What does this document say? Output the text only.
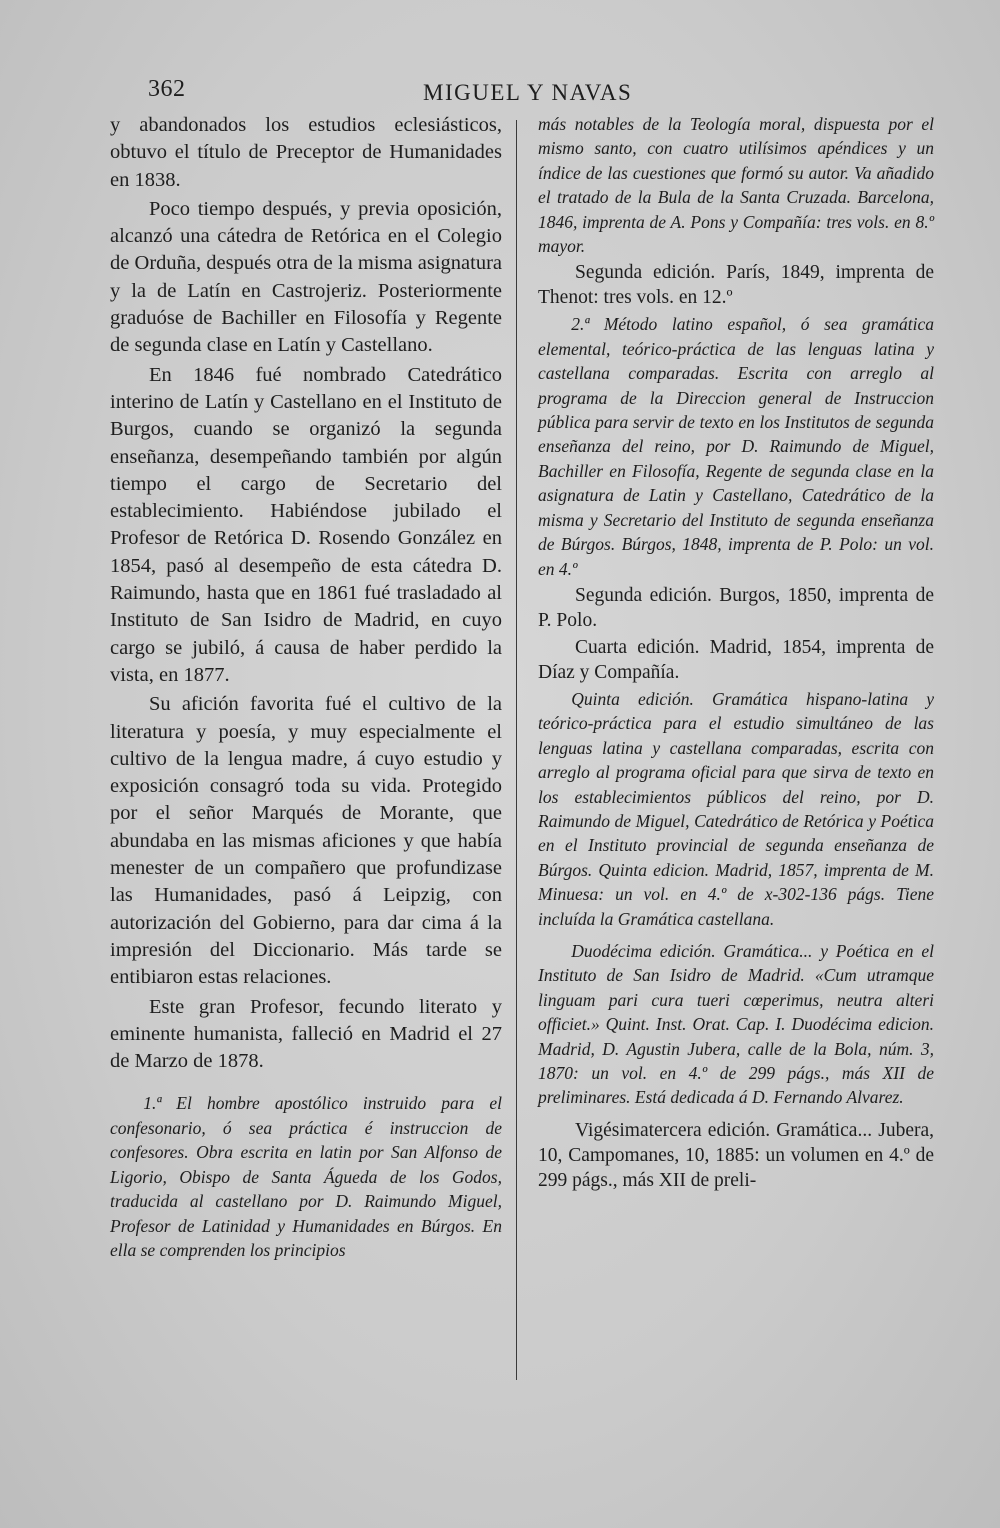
362	MIGUEL Y NAVAS

y abandonados los estudios eclesiásticos, obtuvo el título de Preceptor de Humanidades en 1838.

Poco tiempo después, y previa oposición, alcanzó una cátedra de Retórica en el Colegio de Orduña, después otra de la misma asignatura y la de Latín en Castrojeriz. Posteriormente graduóse de Bachiller en Filosofía y Regente de segunda clase en Latín y Castellano.

En 1846 fué nombrado Catedrático interino de Latín y Castellano en el Instituto de Burgos, cuando se organizó la segunda enseñanza, desempeñando también por algún tiempo el cargo de Secretario del establecimiento. Habiéndose jubilado el Profesor de Retórica D. Rosendo González en 1854, pasó al desempeño de esta cátedra D. Raimundo, hasta que en 1861 fué trasladado al Instituto de San Isidro de Madrid, en cuyo cargo se jubiló, á causa de haber perdido la vista, en 1877.

Su afición favorita fué el cultivo de la literatura y poesía, y muy especialmente el cultivo de la lengua madre, á cuyo estudio y exposición consagró toda su vida. Protegido por el señor Marqués de Morante, que abundaba en las mismas aficiones y que había menester de un compañero que profundizase las Humanidades, pasó á Leipzig, con autorización del Gobierno, para dar cima á la impresión del Diccionario. Más tarde se entibiaron estas relaciones.

Este gran Profesor, fecundo literato y eminente humanista, falleció en Madrid el 27 de Marzo de 1878.

1.ª El hombre apostólico instruido para el confesonario, ó sea práctica é instruccion de confesores. Obra escrita en latin por San Alfonso de Ligorio, Obispo de Santa Águeda de los Godos, traducida al castellano por D. Raimundo Miguel, Profesor de Latinidad y Humanidades en Búrgos. En ella se comprenden los principios

más notables de la Teología moral, dispuesta por el mismo santo, con cuatro utilísimos apéndices y un índice de las cuestiones que formó su autor. Va añadido el tratado de la Bula de la Santa Cruzada. Barcelona, 1846, imprenta de A. Pons y Compañía: tres vols. en 8.º mayor.

Segunda edición. París, 1849, imprenta de Thenot: tres vols. en 12.º

2.ª Método latino español, ó sea gramática elemental, teórico-práctica de las lenguas latina y castellana comparadas. Escrita con arreglo al programa de la Direccion general de Instruccion pública para servir de texto en los Institutos de segunda enseñanza del reino, por D. Raimundo de Miguel, Bachiller en Filosofía, Regente de segunda clase en la asignatura de Latin y Castellano, Catedrático de la misma y Secretario del Instituto de segunda enseñanza de Búrgos. Búrgos, 1848, imprenta de P. Polo: un vol. en 4.º

Segunda edición. Burgos, 1850, imprenta de P. Polo.

Cuarta edición. Madrid, 1854, imprenta de Díaz y Compañía.

Quinta edición. Gramática hispano-latina y teórico-práctica para el estudio simultáneo de las lenguas latina y castellana comparadas, escrita con arreglo al programa oficial para que sirva de texto en los establecimientos públicos del reino, por D. Raimundo de Miguel, Catedrático de Retórica y Poética en el Instituto provincial de segunda enseñanza de Búrgos. Quinta edicion. Madrid, 1857, imprenta de M. Minuesa: un vol. en 4.º de x-302-136 págs. Tiene incluída la Gramática castellana.

Duodécima edición. Gramática... y Poética en el Instituto de San Isidro de Madrid. «Cum utramque linguam pari cura tueri cœperimus, neutra alteri officiet.» Quint. Inst. Orat. Cap. I. Duodécima edicion. Madrid, D. Agustin Jubera, calle de la Bola, núm. 3, 1870: un vol. en 4.º de 299 págs., más XII de preliminares. Está dedicada á D. Fernando Alvarez.

Vigésimatercera edición. Gramática... Jubera, 10, Campomanes, 10, 1885: un volumen en 4.º de 299 págs., más XII de preli-
